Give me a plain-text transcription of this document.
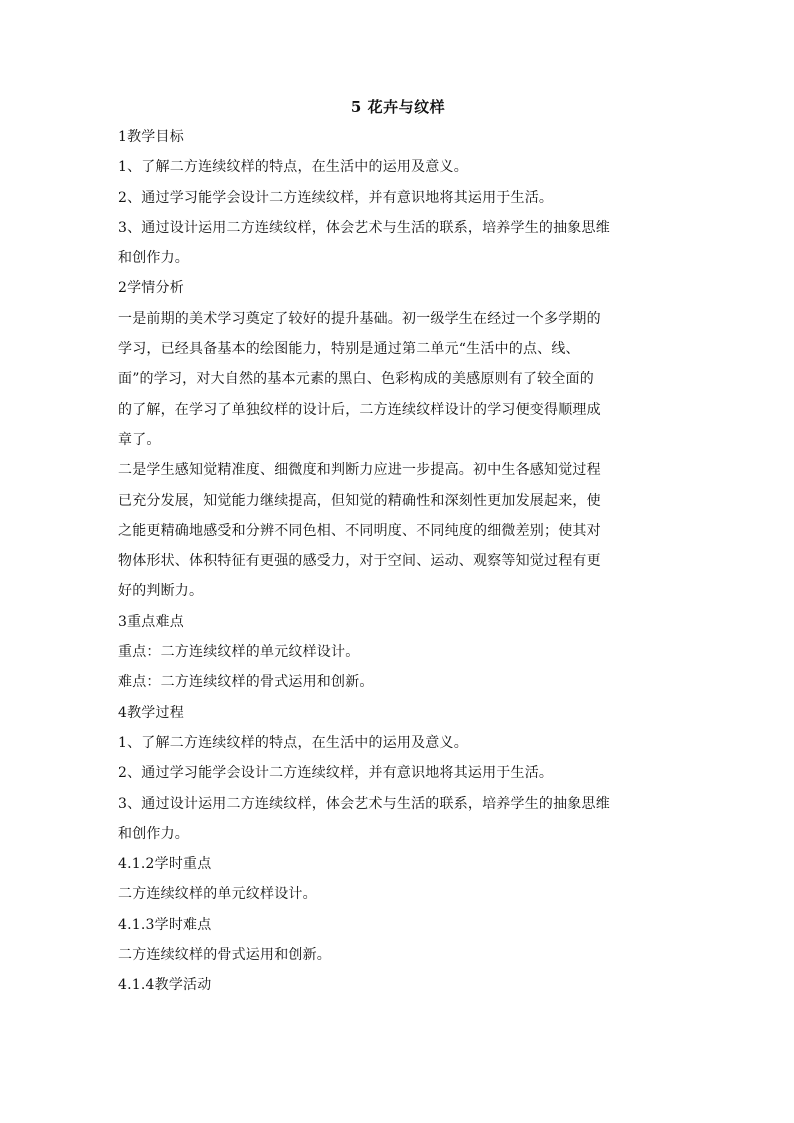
5 花卉与纹样
1教学目标
1、了解二方连续纹样的特点，在生活中的运用及意义。
2、通过学习能学会设计二方连续纹样，并有意识地将其运用于生活。
3、通过设计运用二方连续纹样，体会艺术与生活的联系，培养学生的抽象思维
和创作力。
2学情分析
一是前期的美术学习奠定了较好的提升基础。初一级学生在经过一个多学期的
学习，已经具备基本的绘图能力，特别是通过第二单元“生活中的点、线、
面”的学习，对大自然的基本元素的黑白、色彩构成的美感原则有了较全面的
的了解，在学习了单独纹样的设计后，二方连续纹样设计的学习便变得顺理成
章了。
二是学生感知觉精准度、细微度和判断力应进一步提高。初中生各感知觉过程
已充分发展，知觉能力继续提高，但知觉的精确性和深刻性更加发展起来，使
之能更精确地感受和分辨不同色相、不同明度、不同纯度的细微差别；使其对
物体形状、体积特征有更强的感受力，对于空间、运动、观察等知觉过程有更
好的判断力。
3重点难点
重点：二方连续纹样的单元纹样设计。
难点：二方连续纹样的骨式运用和创新。
4教学过程
1、了解二方连续纹样的特点，在生活中的运用及意义。
2、通过学习能学会设计二方连续纹样，并有意识地将其运用于生活。
3、通过设计运用二方连续纹样，体会艺术与生活的联系，培养学生的抽象思维
和创作力。
4.1.2学时重点
二方连续纹样的单元纹样设计。
4.1.3学时难点
二方连续纹样的骨式运用和创新。
4.1.4教学活动
